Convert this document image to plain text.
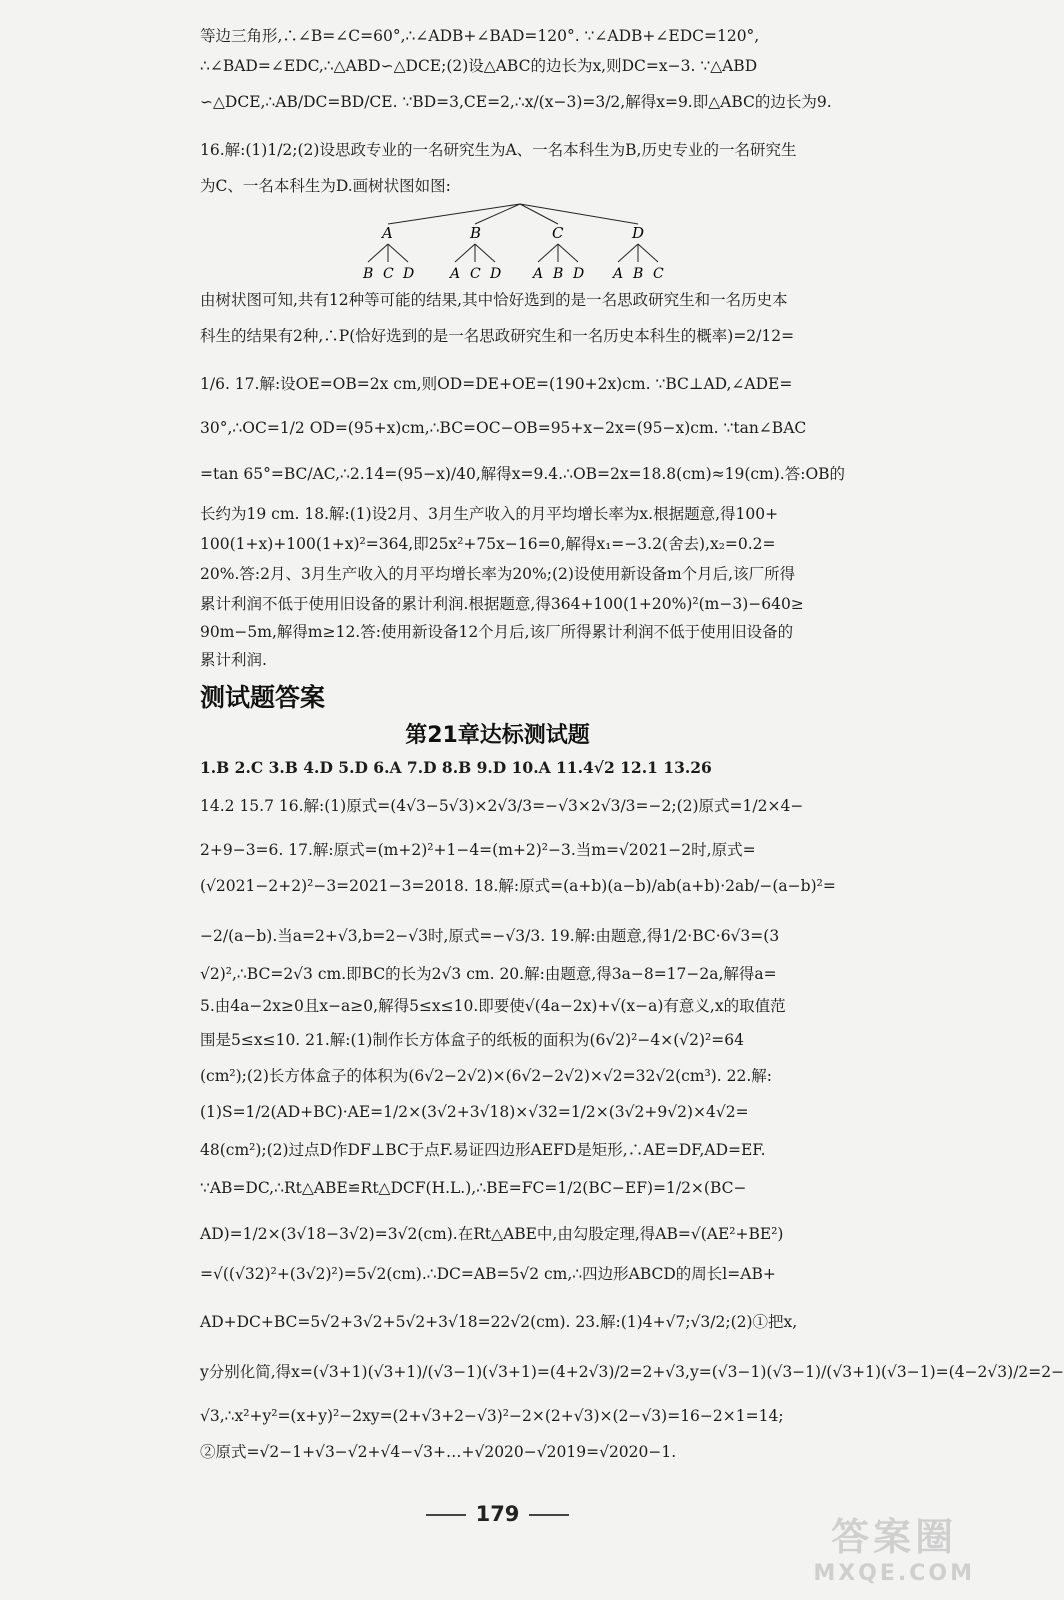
等边三角形,∴∠B=∠C=60°,∴∠ADB+∠BAD=120°. ∵∠ADB+∠EDC=120°,
∴∠BAD=∠EDC,∴△ABD∽△DCE;(2)设△ABC的边长为x,则DC=x−3. ∵△ABD
∽△DCE,∴AB/DC=BD/CE. ∵BD=3,CE=2,∴x/(x−3)=3/2,解得x=9.即△ABC的边长为9.
16.解:(1)1/2;(2)设思政专业的一名研究生为A、一名本科生为B,历史专业的一名研究生
为C、一名本科生为D.画树状图如图:
A	B	C	D
B C D	A C D A B D A B C
由树状图可知,共有12种等可能的结果,其中恰好选到的是一名思政研究生和一名历史本
科生的结果有2种,∴P(恰好选到的是一名思政研究生和一名历史本科生的概率)=2/12=
1/6. 17.解:设OE=OB=2x cm,则OD=DE+OE=(190+2x)cm. ∵BC⊥AD,∠ADE=
30°,∴OC=1/2 OD=(95+x)cm,∴BC=OC−OB=95+x−2x=(95−x)cm. ∵tan∠BAC
=tan 65°=BC/AC,∴2.14=(95−x)/40,解得x=9.4.∴OB=2x=18.8(cm)≈19(cm).答:OB的
长约为19 cm. 18.解:(1)设2月、3月生产收入的月平均增长率为x.根据题意,得100+
100(1+x)+100(1+x)²=364,即25x²+75x−16=0,解得x₁=−3.2(舍去),x₂=0.2=
20%.答:2月、3月生产收入的月平均增长率为20%;(2)设使用新设备m个月后,该厂所得
累计利润不低于使用旧设备的累计利润.根据题意,得364+100(1+20%)²(m−3)−640≥
90m−5m,解得m≥12.答:使用新设备12个月后,该厂所得累计利润不低于使用旧设备的
累计利润.
测试题答案
第21章达标测试题
1.B 2.C 3.B 4.D 5.D 6.A 7.D 8.B 9.D 10.A 11.4√2 12.1 13.26
14.2 15.7 16.解:(1)原式=(4√3−5√3)×2√3/3=−√3×2√3/3=−2;(2)原式=1/2×4−
2+9−3=6. 17.解:原式=(m+2)²+1−4=(m+2)²−3.当m=√2021−2时,原式=
(√2021−2+2)²−3=2021−3=2018. 18.解:原式=(a+b)(a−b)/ab(a+b)·2ab/−(a−b)²=
−2/(a−b).当a=2+√3,b=2−√3时,原式=−√3/3. 19.解:由题意,得1/2·BC·6√3=(3
√2)²,∴BC=2√3 cm.即BC的长为2√3 cm. 20.解:由题意,得3a−8=17−2a,解得a=
5.由4a−2x≥0且x−a≥0,解得5≤x≤10.即要使√(4a−2x)+√(x−a)有意义,x的取值范
围是5≤x≤10. 21.解:(1)制作长方体盒子的纸板的面积为(6√2)²−4×(√2)²=64
(cm²);(2)长方体盒子的体积为(6√2−2√2)×(6√2−2√2)×√2=32√2(cm³). 22.解:
(1)S=1/2(AD+BC)·AE=1/2×(3√2+3√18)×√32=1/2×(3√2+9√2)×4√2=
48(cm²);(2)过点D作DF⊥BC于点F.易证四边形AEFD是矩形,∴AE=DF,AD=EF.
∵AB=DC,∴Rt△ABE≌Rt△DCF(H.L.),∴BE=FC=1/2(BC−EF)=1/2×(BC−
AD)=1/2×(3√18−3√2)=3√2(cm).在Rt△ABE中,由勾股定理,得AB=√(AE²+BE²)
=√((√32)²+(3√2)²)=5√2(cm).∴DC=AB=5√2 cm,∴四边形ABCD的周长l=AB+
AD+DC+BC=5√2+3√2+5√2+3√18=22√2(cm). 23.解:(1)4+√7;√3/2;(2)①把x,
y分别化简,得x=(√3+1)(√3+1)/(√3−1)(√3+1)=(4+2√3)/2=2+√3,y=(√3−1)(√3−1)/(√3+1)(√3−1)=(4−2√3)/2=2−
√3,∴x²+y²=(x+y)²−2xy=(2+√3+2−√3)²−2×(2+√3)×(2−√3)=16−2×1=14;
②原式=√2−1+√3−√2+√4−√3+…+√2020−√2019=√2020−1.
179
答案圈
MXQE.COM
